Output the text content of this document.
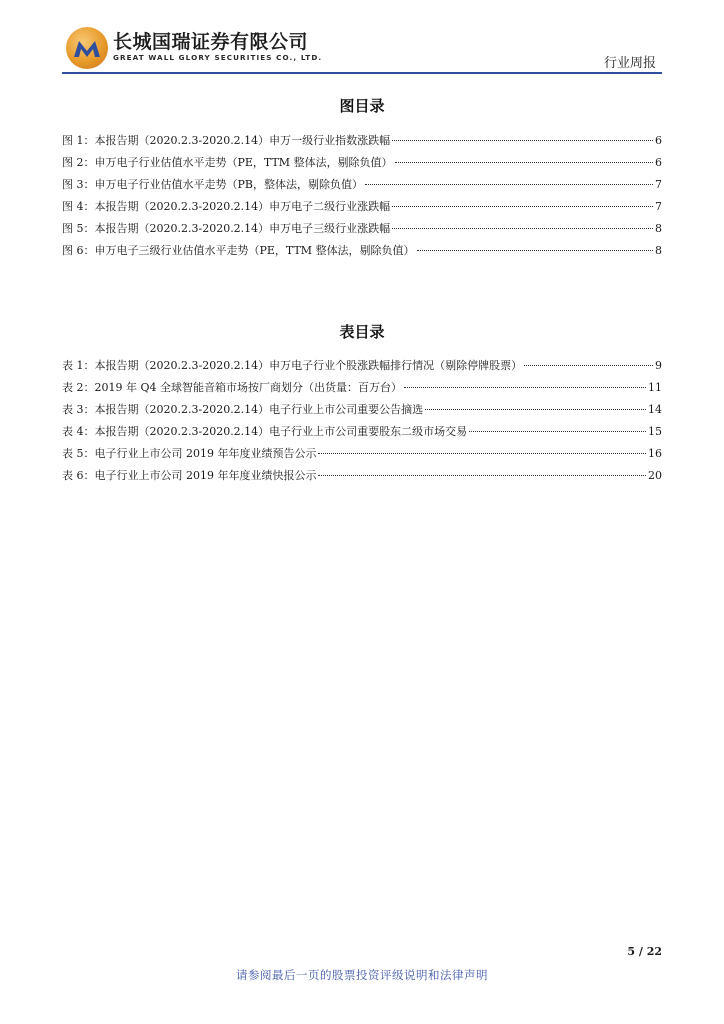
长城国瑞证券有限公司
GREAT WALL GLORY SECURITIES CO., LTD.	行业周报
图目录
图 1：本报告期（2020.2.3-2020.2.14）申万一级行业指数涨跌幅	6
图 2：申万电子行业估值水平走势（PE，TTM 整体法，剔除负值）	6
图 3：申万电子行业估值水平走势（PB，整体法，剔除负值）	7
图 4：本报告期（2020.2.3-2020.2.14）申万电子二级行业涨跌幅	7
图 5：本报告期（2020.2.3-2020.2.14）申万电子三级行业涨跌幅	8
图 6：申万电子三级行业估值水平走势（PE，TTM 整体法，剔除负值）	8
表目录
表 1：本报告期（2020.2.3-2020.2.14）申万电子行业个股涨跌幅排行情况（剔除停牌股票）	9
表 2：2019 年 Q4 全球智能音箱市场按厂商划分（出货量：百万台）	11
表 3：本报告期（2020.2.3-2020.2.14）电子行业上市公司重要公告摘选	14
表 4：本报告期（2020.2.3-2020.2.14）电子行业上市公司重要股东二级市场交易	15
表 5：电子行业上市公司 2019 年年度业绩预告公示	16
表 6：电子行业上市公司 2019 年年度业绩快报公示	20
5 / 22
请参阅最后一页的股票投资评级说明和法律声明
